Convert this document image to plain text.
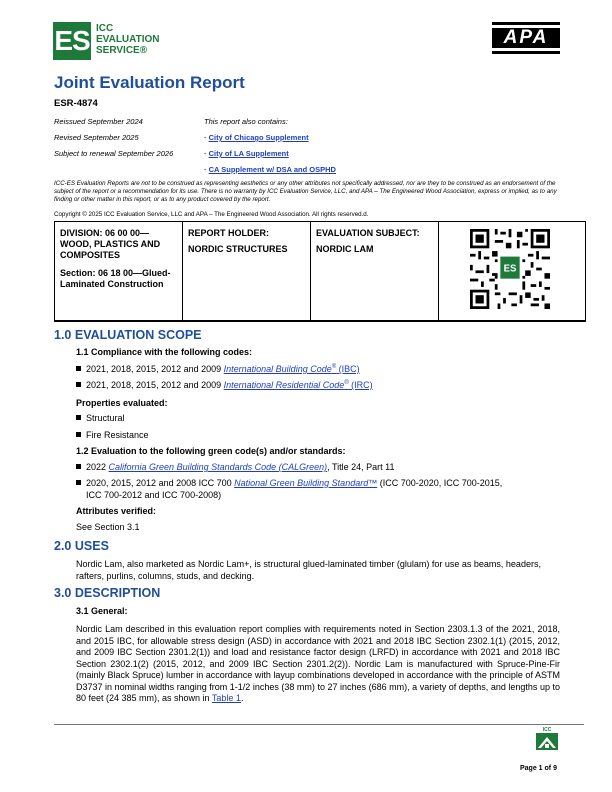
ES ICC
EVALUATION
SERVICE®
APA
Joint Evaluation Report
ESR-4874
Reissued September 2024
Revised September 2025
Subject to renewal September 2026
This report also contains:
- City of Chicago Supplement
- City of LA Supplement
- CA Supplement w/ DSA and OSPHD
ICC-ES Evaluation Reports are not to be construed as representing aesthetics or any other attributes not specifically addressed, nor are they to be construed as an endorsement of the subject of the report or a recommendation for its use. There is no warranty by ICC Evaluation Service, LLC, and APA – The Engineered Wood Association, express or implied, as to any finding or other matter in this report, or as to any product covered by the report.
Copyright © 2025 ICC Evaluation Service, LLC and APA – The Engineered Wood Association. All rights reserved.d.
DIVISION: 06 00 00—WOOD, PLASTICS AND COMPOSITES
Section: 06 18 00—Glued-Laminated Construction
REPORT HOLDER:
NORDIC STRUCTURES
EVALUATION SUBJECT:
NORDIC LAM
ES
1.0 EVALUATION SCOPE
1.1 Compliance with the following codes:
2021, 2018, 2015, 2012 and 2009 International Building Code® (IBC)
2021, 2018, 2015, 2012 and 2009 International Residential Code® (IRC)
Properties evaluated:
Structural
Fire Resistance
1.2 Evaluation to the following green code(s) and/or standards:
2022 California Green Building Standards Code (CALGreen), Title 24, Part 11
2020, 2015, 2012 and 2008 ICC 700 National Green Building Standard™ (ICC 700-2020, ICC 700-2015,
ICC 700-2012 and ICC 700-2008)
Attributes verified:
See Section 3.1
2.0 USES
Nordic Lam, also marketed as Nordic Lam+, is structural glued-laminated timber (glulam) for use as beams, headers, rafters, purlins, columns, studs, and decking.
3.0 DESCRIPTION
3.1 General:
Nordic Lam described in this evaluation report complies with requirements noted in Section 2303.1.3 of the 2021, 2018, and 2015 IBC, for allowable stress design (ASD) in accordance with 2021 and 2018 IBC Section 2302.1(1) (2015, 2012, and 2009 IBC Section 2301.2(1)) and load and resistance factor design (LRFD) in accordance with 2021 and 2018 IBC Section 2302.1(2) (2015, 2012, and 2009 IBC Section 2301.2(2)). Nordic Lam is manufactured with Spruce-Pine-Fir (mainly Black Spruce) lumber in accordance with layup combinations developed in accordance with the principle of ASTM D3737 in nominal widths ranging from 1-1/2 inches (38 mm) to 27 inches (686 mm), a variety of depths, and lengths up to 80 feet (24 385 mm), as shown in Table 1.
ICC
Page 1 of 9
